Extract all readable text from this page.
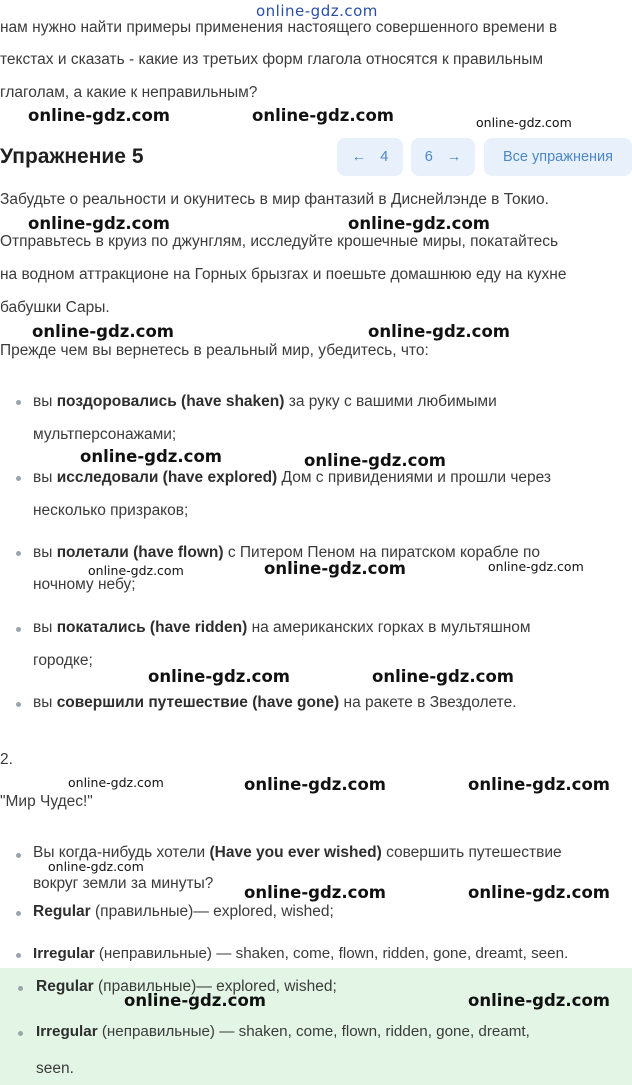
online-gdz.com
нам нужно найти примеры применения настоящего совершенного времени в
текстах и сказать - какие из третьих форм глагола относятся к правильным
глаголам, а какие к неправильным?
online-gdz.com	online-gdz.com	online-gdz.com
Упражнение 5	← 4	6 →	Все упражнения
Забудьте о реальности и окунитесь в мир фантазий в Диснейлэнде в Токио.
online-gdz.com	online-gdz.com
Отправьтесь в круиз по джунглям, исследуйте крошечные миры, покатайтесь
на водном аттракционе на Горных брызгах и поешьте домашнюю еду на кухне
бабушки Сары.
online-gdz.com	online-gdz.com
Прежде чем вы вернетесь в реальный мир, убедитесь, что:
вы поздоровались (have shaken) за руку с вашими любимыми
мультперсонажами;
online-gdz.com	online-gdz.com
вы исследовали (have explored) Дом с привидениями и прошли через
несколько призраков;
вы полетали (have flown) с Питером Пеном на пиратском корабле по
ночному небу;
online-gdz.com	online-gdz.com	online-gdz.com
вы покатались (have ridden) на американских горках в мультяшном
городке;
online-gdz.com	online-gdz.com
вы совершили путешествие (have gone) на ракете в Звездолете.
2.
online-gdz.com	online-gdz.com	online-gdz.com
"Мир Чудес!"
Вы когда-нибудь хотели (Have you ever wished) совершить путешествие
online-gdz.com
вокруг земли за минуты?	online-gdz.com	online-gdz.com
Regular (правильные)— explored, wished;
Irregular (неправильные) — shaken, come, flown, ridden, gone, dreamt, seen.
Regular (правильные)— explored, wished;
online-gdz.com	online-gdz.com
Irregular (неправильные) — shaken, come, flown, ridden, gone, dreamt,
seen.
